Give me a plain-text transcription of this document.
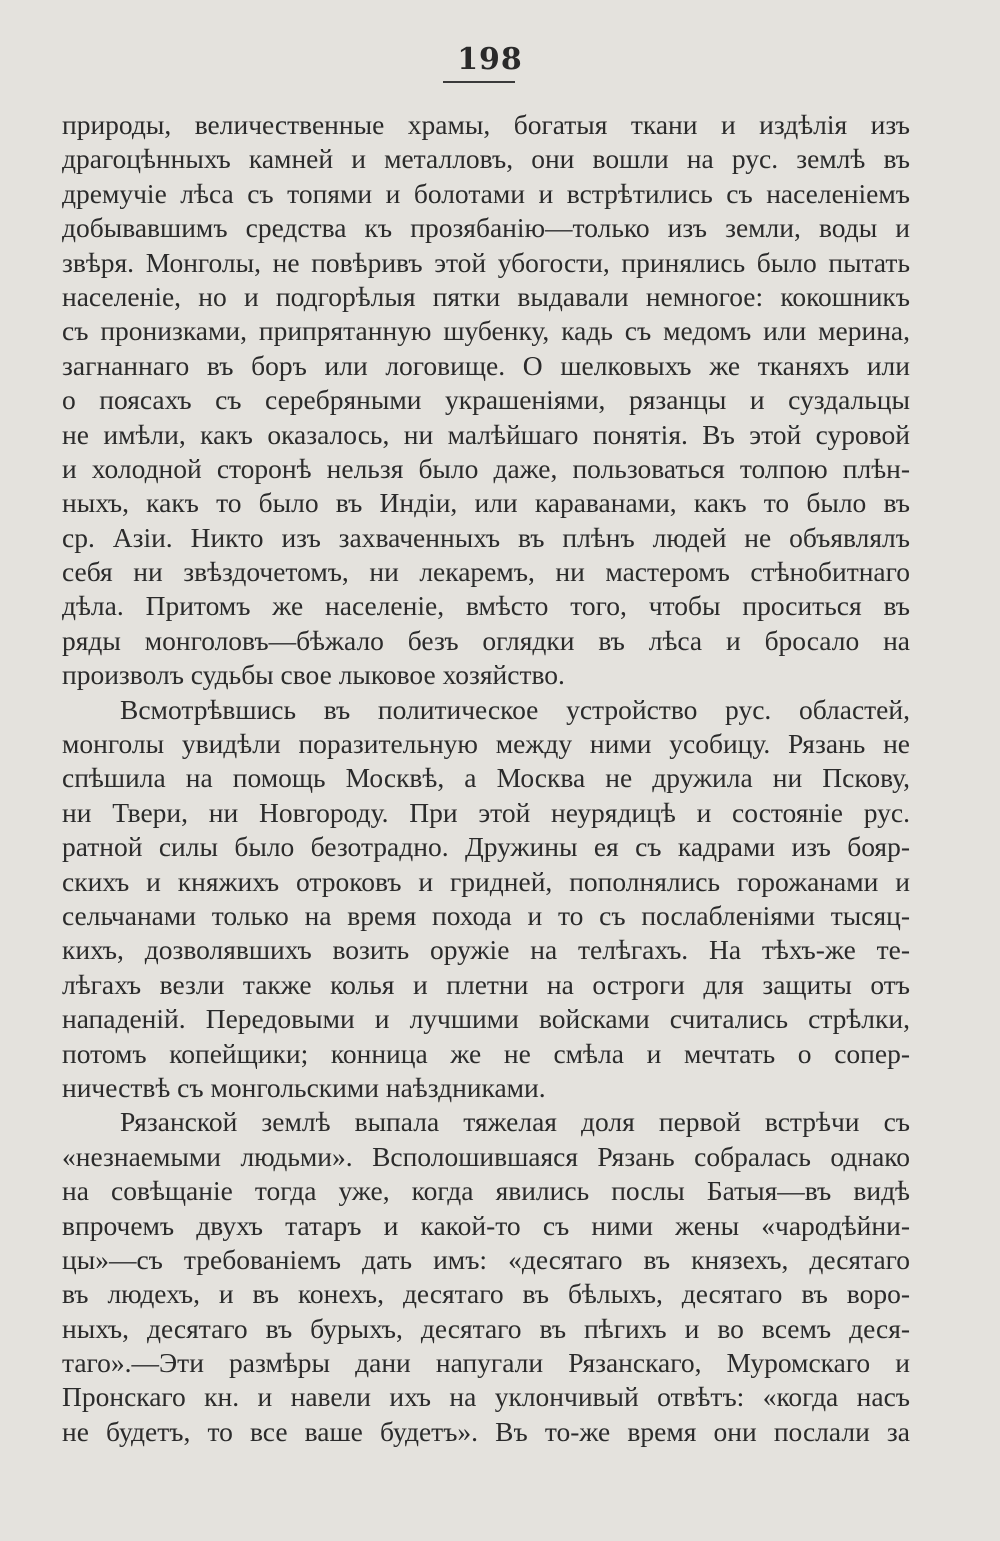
198
природы, величественные храмы, богатыя ткани и издѣлія изъ
драгоцѣнныхъ камней и металловъ, они вошли на рус. землѣ въ
дремучіе лѣса съ топями и болотами и встрѣтились съ населеніемъ
добывавшимъ средства къ прозябанію—только изъ земли, воды и
звѣря. Монголы, не повѣривъ этой убогости, принялись было пытать
населеніе, но и подгорѣлыя пятки выдавали немногое: кокошникъ
съ пронизками, припрятанную шубенку, кадь съ медомъ или мерина,
загнаннаго въ боръ или логовище. О шелковыхъ же тканяхъ или
о поясахъ съ серебряными украшеніями, рязанцы и суздальцы
не имѣли, какъ оказалось, ни малѣйшаго понятія. Въ этой суровой
и холодной сторонѣ нельзя было даже, пользоваться толпою плѣн-
ныхъ, какъ то было въ Индіи, или караванами, какъ то было въ
ср. Азіи. Никто изъ захваченныхъ въ плѣнъ людей не объявлялъ
себя ни звѣздочетомъ, ни лекаремъ, ни мастеромъ стѣнобитнаго
дѣла. Притомъ же населеніе, вмѣсто того, чтобы проситься въ
ряды монголовъ—бѣжало безъ оглядки въ лѣса и бросало на
произволъ судьбы свое лыковое хозяйство.
Всмотрѣвшись въ политическое устройство рус. областей,
монголы увидѣли поразительную между ними усобицу. Рязань не
спѣшила на помощь Москвѣ, а Москва не дружила ни Пскову,
ни Твери, ни Новгороду. При этой неурядицѣ и состояніе рус.
ратной силы было безотрадно. Дружины ея съ кадрами изъ бояр-
скихъ и княжихъ отроковъ и гридней, пополнялись горожанами и
сельчанами только на время похода и то съ послабленіями тысяц-
кихъ, дозволявшихъ возить оружіе на телѣгахъ. На тѣхъ-же те-
лѣгахъ везли также колья и плетни на остроги для защиты отъ
нападеній. Передовыми и лучшими войсками считались стрѣлки,
потомъ копейщики; конница же не смѣла и мечтать о сопер-
ничествѣ съ монгольскими наѣздниками.
Рязанской землѣ выпала тяжелая доля первой встрѣчи съ
«незнаемыми людьми». Всполошившаяся Рязань собралась однако
на совѣщаніе тогда уже, когда явились послы Батыя—въ видѣ
впрочемъ двухъ татаръ и какой-то съ ними жены «чародѣйни-
цы»—съ требованіемъ дать имъ: «десятаго въ князехъ, десятаго
въ людехъ, и въ конехъ, десятаго въ бѣлыхъ, десятаго въ воро-
ныхъ, десятаго въ бурыхъ, десятаго въ пѣгихъ и во всемъ деся-
таго».—Эти размѣры дани напугали Рязанскаго, Муромскаго и
Пронскаго кн. и навели ихъ на уклончивый отвѣтъ: «когда насъ
не будетъ, то все ваше будетъ». Въ то-же время они послали за
